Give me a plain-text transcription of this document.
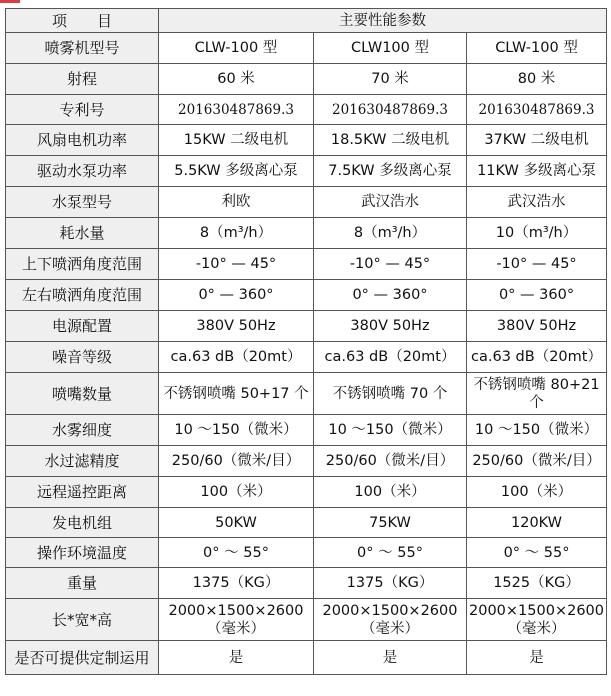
项　　目	主要性能参数		
喷雾机型号	CLW-100 型	CLW100 型	CLW-100 型
射程	60 米	70 米	80 米
专利号	201630487869.3	201630487869.3	201630487869.3
风扇电机功率	15KW 二级电机	18.5KW 二级电机	37KW 二级电机
驱动水泵功率	5.5KW 多级离心泵	7.5KW 多级离心泵	11KW 多级离心泵
水泵型号	利欧	武汉浩水	武汉浩水
耗水量	8（m³/h）	8（m³/h）	10（m³/h）
上下喷洒角度范围	-10° — 45°	-10° — 45°	-10° — 45°
左右喷洒角度范围	0° — 360°	0° — 360°	0° — 360°
电源配置	380V 50Hz	380V 50Hz	380V 50Hz
噪音等级	ca.63 dB（20mt）	ca.63 dB（20mt）	ca.63 dB（20mt）
喷嘴数量	不锈钢喷嘴 50+17 个	不锈钢喷嘴 70 个	不锈钢喷嘴 80+21 个
水雾细度	10 ～150（微米）	10 ～150（微米）	10 ～150（微米）
水过滤精度	250/60（微米/目）	250/60（微米/目）	250/60（微米/目）
远程遥控距离	100（米）	100（米）	100（米）
发电机组	50KW	75KW	120KW
操作环境温度	0° ～ 55°	0° ～ 55°	0° ～ 55°
重量	1375（KG）	1375（KG）	1525（KG）
长*宽*高	2000×1500×2600（毫米）	2000×1500×2600（毫米）	2000×1500×2600（毫米）
是否可提供定制运用	是	是	是
